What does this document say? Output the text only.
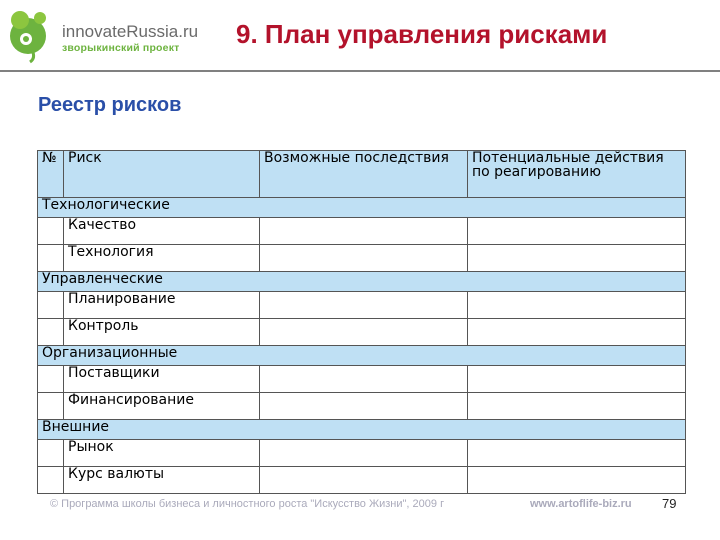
innovateRussia.ru
зворыкинский проект 9. План управления рисками
Реестр рисков
№	Риск	Возможные последствия	Потенциальные действия по реагированию
Технологические			
	Качество		
	Технология		
Управленческие			
	Планирование		
	Контроль		
Организационные			
	Поставщики		
	Финансирование		
Внешние			
	Рынок		
	Курс валюты		
© Программа школы бизнеса и личностного роста "Искусство Жизни", 2009 г	www.artoflife-biz.ru 79
